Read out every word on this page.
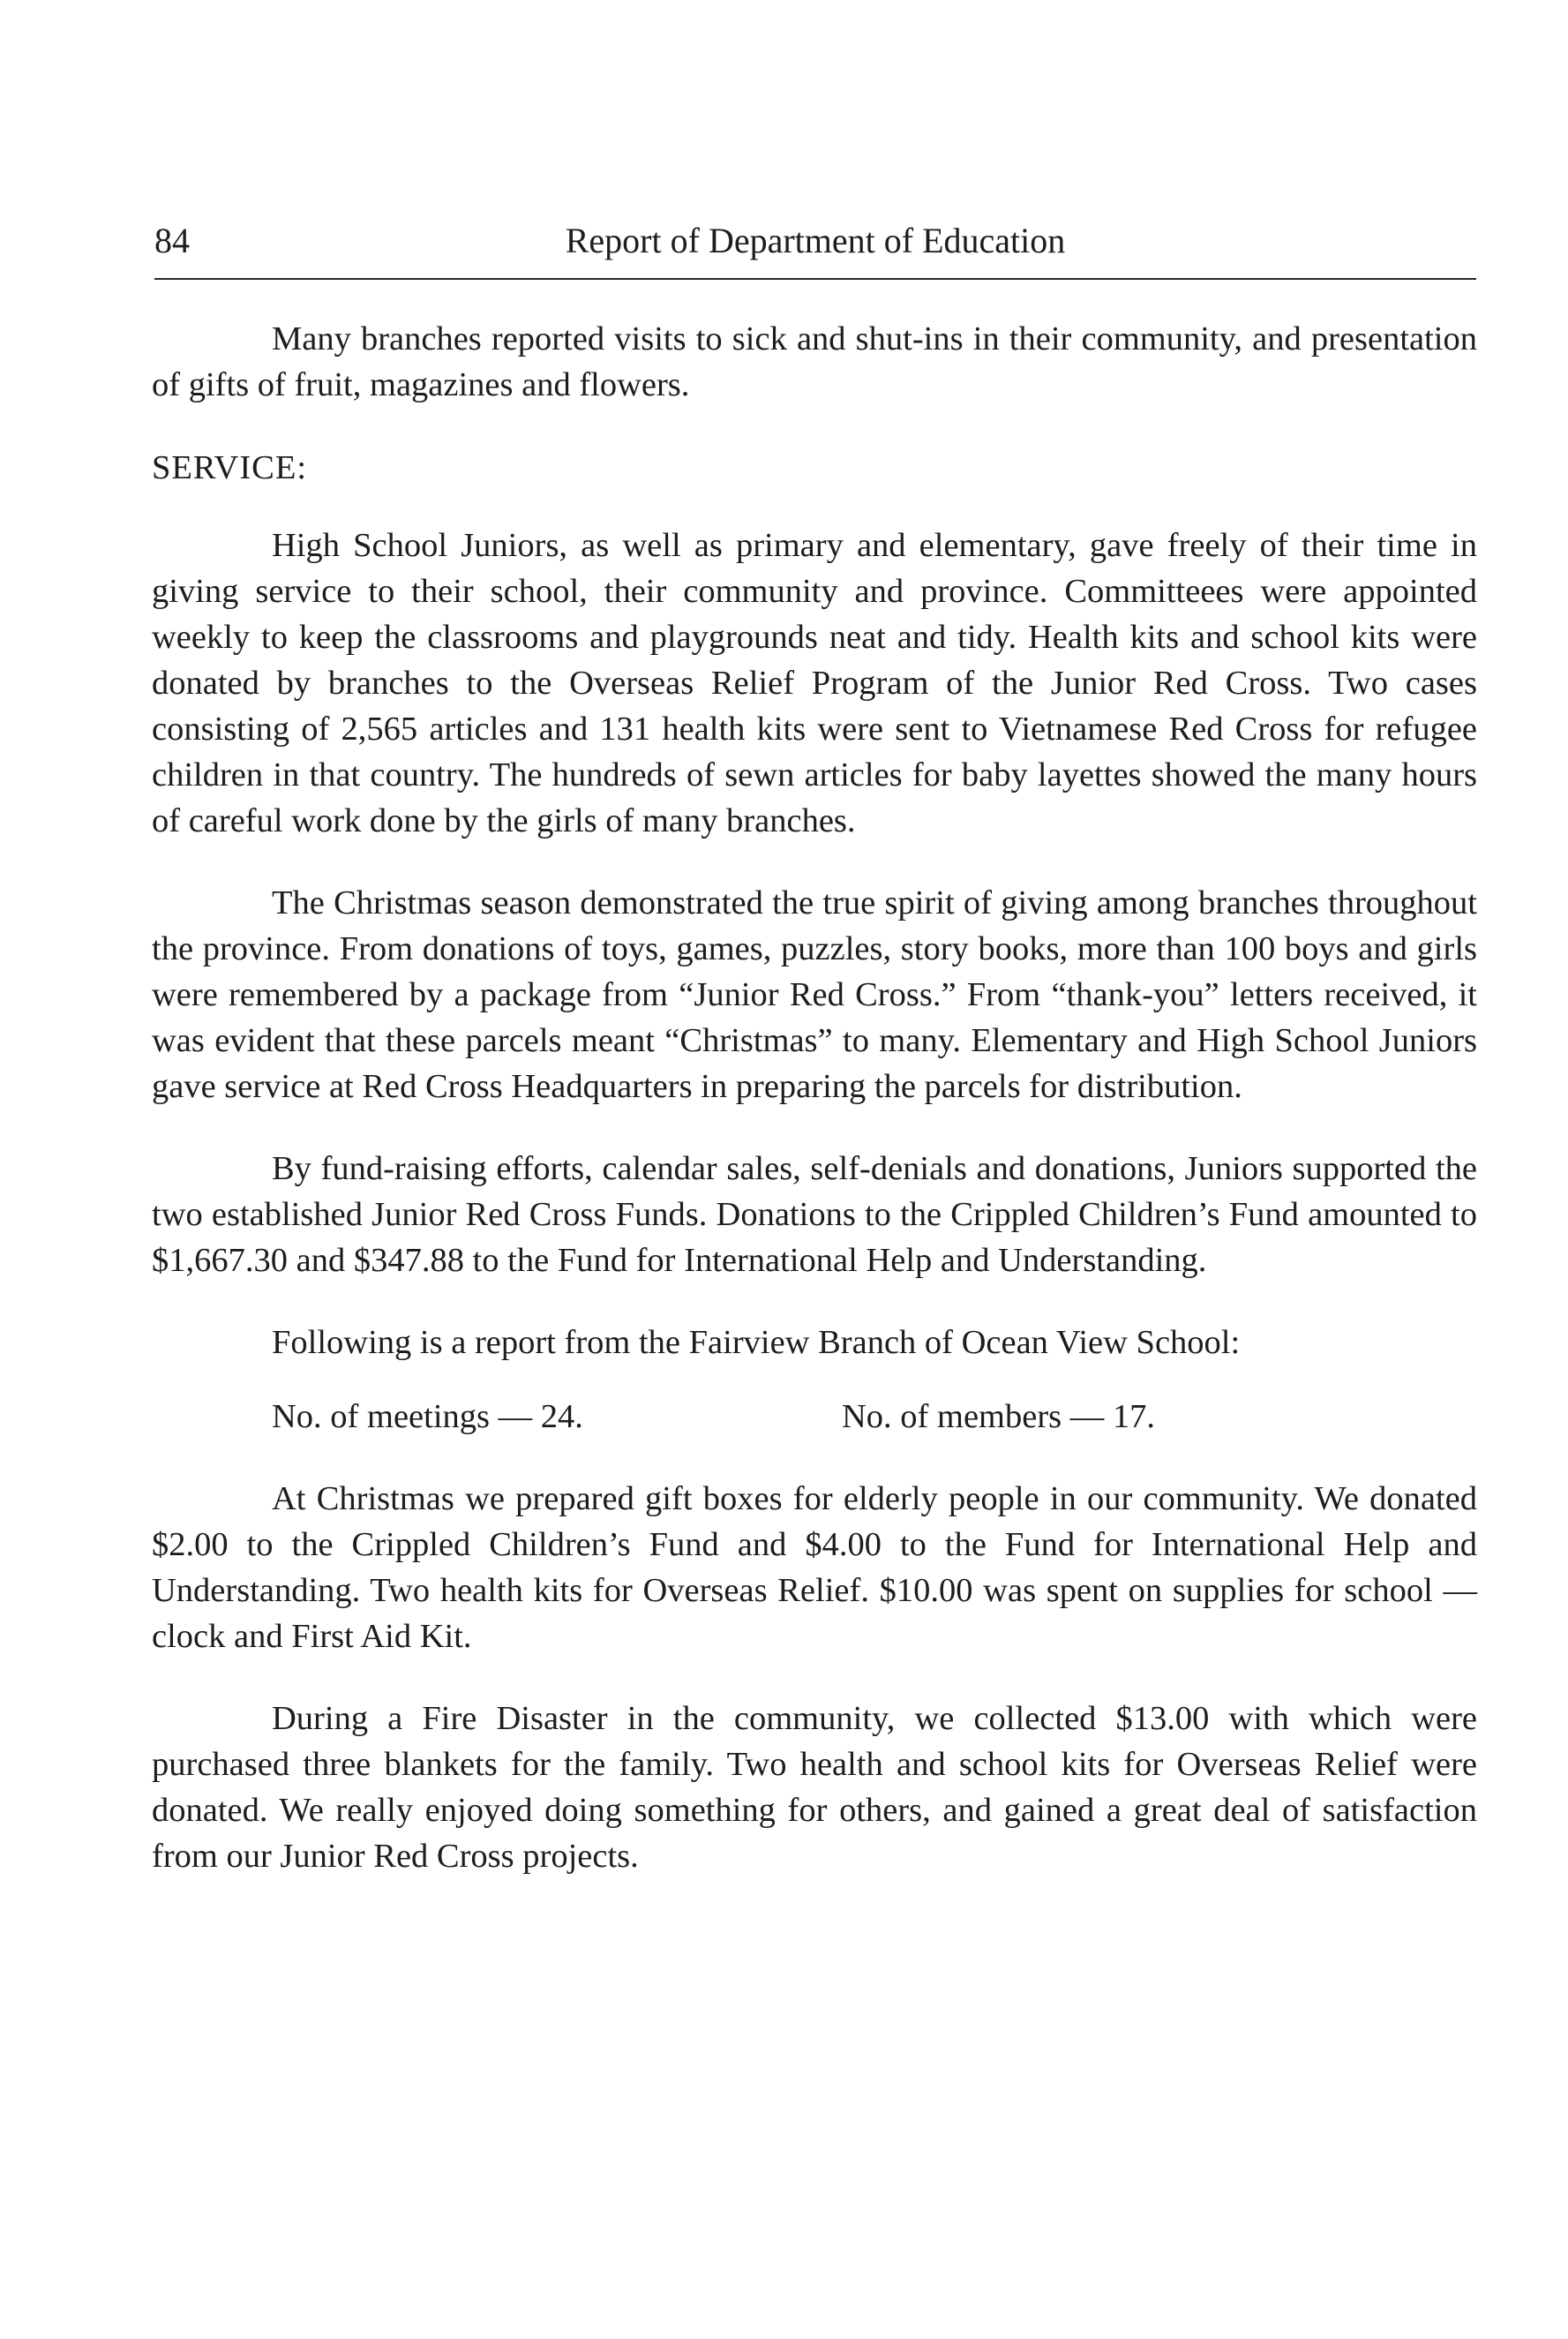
84	Report of Department of Education

Many branches reported visits to sick and shut-ins in their community, and presentation of gifts of fruit, magazines and flowers.

SERVICE:

High School Juniors, as well as primary and elementary, gave freely of their time in giving service to their school, their community and province. Committeees were appointed weekly to keep the classrooms and playgrounds neat and tidy. Health kits and school kits were donated by branches to the Overseas Relief Program of the Junior Red Cross. Two cases consisting of 2,565 articles and 131 health kits were sent to Vietnamese Red Cross for refugee children in that country. The hundreds of sewn articles for baby layettes showed the many hours of careful work done by the girls of many branches.

The Christmas season demonstrated the true spirit of giving among branches throughout the province. From donations of toys, games, puzzles, story books, more than 100 boys and girls were remembered by a package from “Junior Red Cross.” From “thank-you” letters received, it was evident that these parcels meant “Christmas” to many. Elementary and High School Juniors gave service at Red Cross Headquarters in preparing the parcels for distribution.

By fund-raising efforts, calendar sales, self-denials and donations, Juniors supported the two established Junior Red Cross Funds. Donations to the Crippled Children’s Fund amounted to $1,667.30 and $347.88 to the Fund for International Help and Understanding.

Following is a report from the Fairview Branch of Ocean View School:

No. of meetings — 24.	No. of members — 17.

At Christmas we prepared gift boxes for elderly people in our community. We donated $2.00 to the Crippled Children’s Fund and $4.00 to the Fund for International Help and Understanding. Two health kits for Overseas Relief. $10.00 was spent on supplies for school — clock and First Aid Kit.

During a Fire Disaster in the community, we collected $13.00 with which were purchased three blankets for the family. Two health and school kits for Overseas Relief were donated. We really enjoyed doing something for others, and gained a great deal of satisfaction from our Junior Red Cross projects.
